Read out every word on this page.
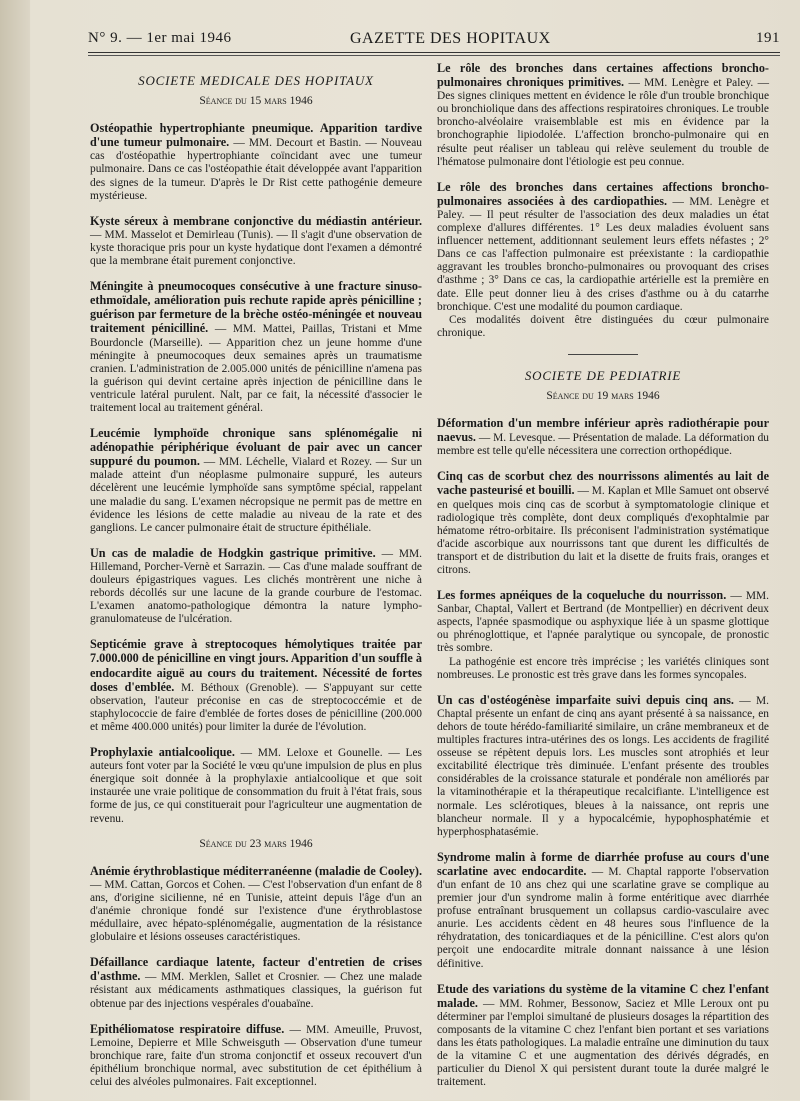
N° 9. — 1er mai 1946	GAZETTE DES HOPITAUX	191
SOCIETE MEDICALE DES HOPITAUX
Séance du 15 mars 1946
Ostéopathie hypertrophiante pneumique. Apparition tardive d'une tumeur pulmonaire. — MM. Decourt et Bastin. — Nouveau cas d'ostéopathie hypertrophiante coïncidant avec une tumeur pulmonaire. Dans ce cas l'ostéopathie était développée avant l'apparition des signes de la tumeur. D'après le Dr Rist cette pathogénie demeure mystérieuse.
Kyste séreux à membrane conjonctive du médiastin antérieur. — MM. Masselot et Demirleau (Tunis). — Il s'agit d'une observation de kyste thoracique pris pour un kyste hydatique dont l'examen a démontré que la membrane était purement conjonctive.
Méningite à pneumocoques consécutive à une fracture sinuso-ethmoïdale, amélioration puis rechute rapide après pénicilline ; guérison par fermeture de la brèche ostéo-méningée et nouveau traitement pénicilliné. — MM. Mattei, Paillas, Tristani et Mme Bourdoncle (Marseille). — Apparition chez un jeune homme d'une méningite à pneumocoques deux semaines après un traumatisme cranien. L'administration de 2.005.000 unités de pénicilline n'amena pas la guérison qui devint certaine après injection de pénicilline dans le ventricule latéral purulent. Nalt, par ce fait, la nécessité d'associer le traitement local au traitement général.
Leucémie lymphoïde chronique sans splénomégalie ni adénopathie périphérique évoluant de pair avec un cancer suppuré du poumon. — MM. Léchelle, Vialard et Rozey. — Sur un malade atteint d'un néoplasme pulmonaire suppuré, les auteurs décelèrent une leucémie lymphoïde sans symptôme spécial, rappelant une maladie du sang. L'examen nécropsique ne permit pas de mettre en évidence les lésions de cette maladie au niveau de la rate et des ganglions. Le cancer pulmonaire était de structure épithéliale.
Un cas de maladie de Hodgkin gastrique primitive. — MM. Hillemand, Porcher-Vernè et Sarrazin. — Cas d'une malade souffrant de douleurs épigastriques vagues. Les clichés montrèrent une niche à rebords décollés sur une lacune de la grande courbure de l'estomac. L'examen anatomo-pathologique démontra la nature lympho-granulomateuse de l'ulcération.
Septicémie grave à streptocoques hémolytiques traitée par 7.000.000 de pénicilline en vingt jours. Apparition d'un souffle à endocardite aiguë au cours du traitement. Nécessité de fortes doses d'emblée. M. Béthoux (Grenoble). — S'appuyant sur cette observation, l'auteur préconise en cas de streptococcémie et de staphylococcie de faire d'emblée de fortes doses de pénicilline (200.000 et même 400.000 unités) pour limiter la durée de l'évolution.
Prophylaxie antialcoolique. — MM. Leloxe et Gounelle. — Les auteurs font voter par la Société le vœu qu'une impulsion de plus en plus énergique soit donnée à la prophylaxie antialcoolique et que soit instaurée une vraie politique de consommation du fruit à l'état frais, sous forme de jus, ce qui constituerait pour l'agriculteur une augmentation de revenu.
Séance du 23 mars 1946
Anémie érythroblastique méditerranéenne (maladie de Cooley). — MM. Cattan, Gorcos et Cohen. — C'est l'observation d'un enfant de 8 ans, d'origine sicilienne, né en Tunisie, atteint depuis l'âge d'un an d'anémie chronique fondé sur l'existence d'une érythroblastose médullaire, avec hépato-splénomégalie, augmentation de la résistance globulaire et lésions osseuses caractéristiques.
Défaillance cardiaque latente, facteur d'entretien de crises d'asthme. — MM. Merklen, Sallet et Crosnier. — Chez une malade résistant aux médicaments asthmatiques classiques, la guérison fut obtenue par des injections vespérales d'ouabaïne.
Epithéliomatose respiratoire diffuse. — MM. Ameuille, Pruvost, Lemoine, Depierre et Mlle Schweisguth — Observation d'une tumeur bronchique rare, faite d'un stroma conjonctif et osseux recouvert d'un épithélium bronchique normal, avec substitution de cet épithélium à celui des alvéoles pulmonaires. Fait exceptionnel.
Le rôle des bronches dans certaines affections broncho-pulmonaires chroniques primitives. — MM. Lenègre et Paley. — Des signes cliniques mettent en évidence le rôle d'un trouble bronchique ou bronchiolique dans des affections respiratoires chroniques. Le trouble broncho-alvéolaire vraisemblable est mis en évidence par la bronchographie lipiodolée. L'affection broncho-pulmonaire qui en résulte peut réaliser un tableau qui relève seulement du trouble de l'hématose pulmonaire dont l'étiologie est peu connue.
Le rôle des bronches dans certaines affections broncho-pulmonaires associées à des cardiopathies. — MM. Lenègre et Paley. — Il peut résulter de l'association des deux maladies un état complexe d'allures différentes. 1° Les deux maladies évoluent sans influencer nettement, additionnant seulement leurs effets néfastes ; 2° Dans ce cas l'affection pulmonaire est préexistante : la cardiopathie aggravant les troubles broncho-pulmonaires ou provoquant des crises d'asthme ; 3° Dans ce cas, la cardiopathie artérielle est la première en date. Elle peut donner lieu à des crises d'asthme ou à du catarrhe bronchique. C'est une modalité du poumon cardiaque.

Ces modalités doivent être distinguées du cœur pulmonaire chronique.

SOCIETE DE PEDIATRIE
Séance du 19 mars 1946
Déformation d'un membre inférieur après radiothérapie pour naevus. — M. Levesque. — Présentation de malade. La déformation du membre est telle qu'elle nécessitera une correction orthopédique.
Cinq cas de scorbut chez des nourrissons alimentés au lait de vache pasteurisé et bouilli. — M. Kaplan et Mlle Samuet ont observé en quelques mois cinq cas de scorbut à symptomatologie clinique et radiologique très complète, dont deux compliqués d'exophtalmie par hématome rétro-orbitaire. Ils préconisent l'administration systématique d'acide ascorbique aux nourrissons tant que durent les difficultés de transport et de distribution du lait et la disette de fruits frais, oranges et citrons.
Les formes apnéiques de la coqueluche du nourrisson. — MM. Sanbar, Chaptal, Vallert et Bertrand (de Montpellier) en décrivent deux aspects, l'apnée spasmodique ou asphyxique liée à un spasme glottique ou phrénoglottique, et l'apnée paralytique ou syncopale, de pronostic très sombre.

La pathogénie est encore très imprécise ; les variétés cliniques sont nombreuses. Le pronostic est très grave dans les formes syncopales.

Un cas d'ostéogénèse imparfaite suivi depuis cinq ans. — M. Chaptal présente un enfant de cinq ans ayant présenté à sa naissance, en dehors de toute hérédo-familiarité similaire, un crâne membraneux et de multiples fractures intra-utérines des os longs. Les accidents de fragilité osseuse se répètent depuis lors. Les muscles sont atrophiés et leur excitabilité électrique très diminuée. L'enfant présente des troubles considérables de la croissance staturale et pondérale non améliorés par la vitaminothérapie et la thérapeutique recalcifiante. L'intelligence est normale. Les sclérotiques, bleues à la naissance, ont repris une blancheur normale. Il y a hypocalcémie, hypophosphatémie et hyperphosphatasémie.
Syndrome malin à forme de diarrhée profuse au cours d'une scarlatine avec endocardite. — M. Chaptal rapporte l'observation d'un enfant de 10 ans chez qui une scarlatine grave se complique au premier jour d'un syndrome malin à forme entéritique avec diarrhée profuse entraînant brusquement un collapsus cardio-vasculaire avec anurie. Les accidents cèdent en 48 heures sous l'influence de la réhydratation, des tonicardiaques et de la pénicilline. C'est alors qu'on perçoit une endocardite mitrale donnant naissance à une lésion définitive.
Etude des variations du système de la vitamine C chez l'enfant malade. — MM. Rohmer, Bessonow, Saciez et Mlle Leroux ont pu déterminer par l'emploi simultané de plusieurs dosages la répartition des composants de la vitamine C chez l'enfant bien portant et ses variations dans les états pathologiques. La maladie entraîne une diminution du taux de la vitamine C et une augmentation des dérivés dégradés, en particulier du Dienol X qui persistent durant toute la durée malgré le traitement.
